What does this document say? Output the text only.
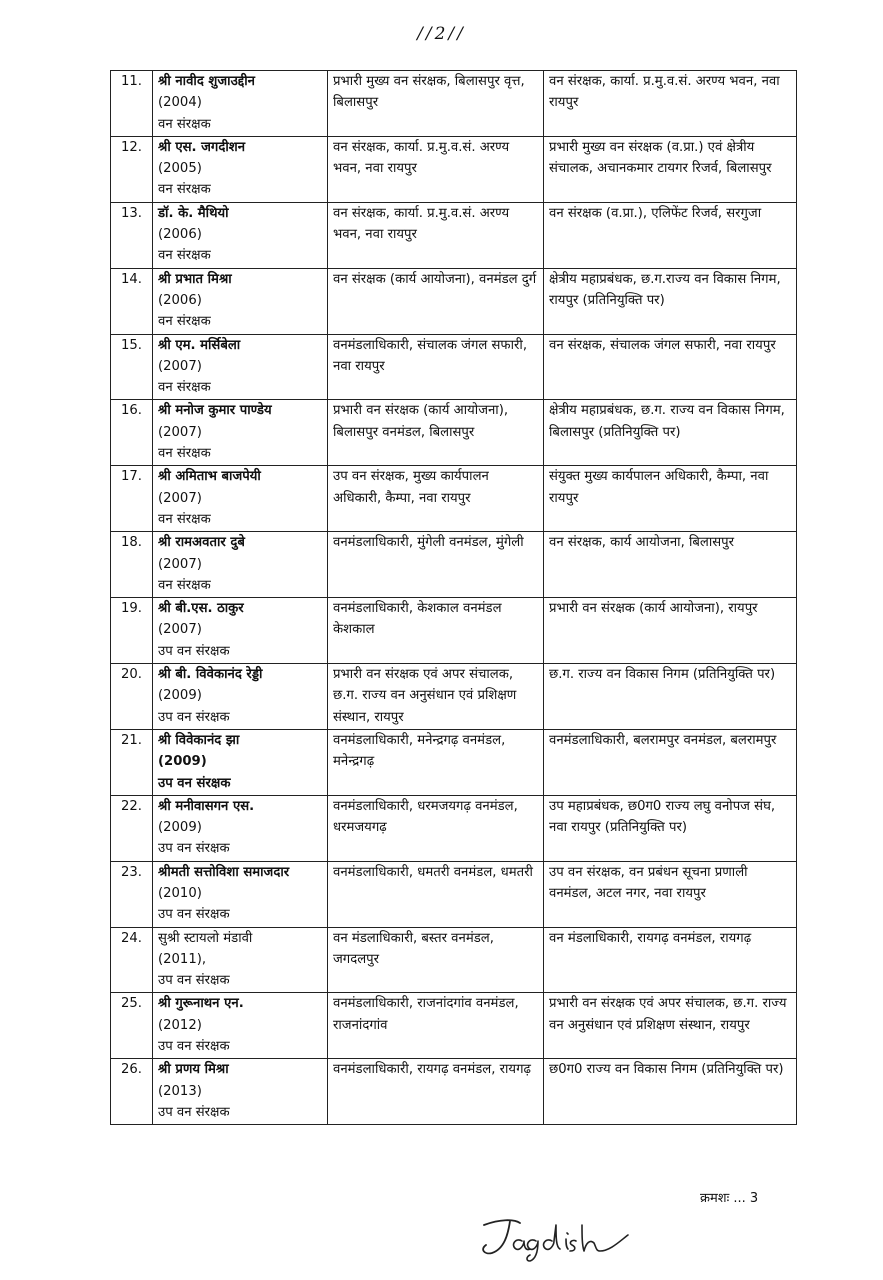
//2//
11.	श्री नावीद शुजाउद्दीन
(2004)
वन संरक्षक	प्रभारी मुख्य वन संरक्षक, बिलासपुर वृत्त, बिलासपुर	वन संरक्षक, कार्या. प्र.मु.व.सं. अरण्य भवन, नवा रायपुर
12.	श्री एस. जगदीशन
(2005)
वन संरक्षक	वन संरक्षक, कार्या. प्र.मु.व.सं. अरण्य भवन, नवा रायपुर	प्रभारी मुख्य वन संरक्षक (व.प्रा.) एवं क्षेत्रीय संचालक, अचानकमार टायगर रिजर्व, बिलासपुर
13.	डॉ. के. मैथियो
(2006)
वन संरक्षक	वन संरक्षक, कार्या. प्र.मु.व.सं. अरण्य भवन, नवा रायपुर	वन संरक्षक (व.प्रा.), एलिफेंट रिजर्व, सरगुजा
14.	श्री प्रभात मिश्रा
(2006)
वन संरक्षक	वन संरक्षक (कार्य आयोजना), वनमंडल दुर्ग	क्षेत्रीय महाप्रबंधक, छ.ग.राज्य वन विकास निगम, रायपुर (प्रतिनियुक्ति पर)
15.	श्री एम. मर्सिबेला
(2007)
वन संरक्षक	वनमंडलाधिकारी, संचालक जंगल सफारी, नवा रायपुर	वन संरक्षक, संचालक जंगल सफारी, नवा रायपुर
16.	श्री मनोज कुमार पाण्डेय
(2007)
वन संरक्षक	प्रभारी वन संरक्षक (कार्य आयोजना), बिलासपुर वनमंडल, बिलासपुर	क्षेत्रीय महाप्रबंधक, छ.ग. राज्य वन विकास निगम, बिलासपुर (प्रतिनियुक्ति पर)
17.	श्री अमिताभ बाजपेयी
(2007)
वन संरक्षक	उप वन संरक्षक, मुख्य कार्यपालन अधिकारी, कैम्पा, नवा रायपुर	संयुक्त मुख्य कार्यपालन अधिकारी, कैम्पा, नवा रायपुर
18.	श्री रामअवतार दुबे
(2007)
वन संरक्षक	वनमंडलाधिकारी, मुंगेली वनमंडल, मुंगेली	वन संरक्षक, कार्य आयोजना, बिलासपुर
19.	श्री बी.एस. ठाकुर
(2007)
उप वन संरक्षक	वनमंडलाधिकारी, केशकाल वनमंडल केशकाल	प्रभारी वन संरक्षक (कार्य आयोजना), रायपुर
20.	श्री बी. विवेकानंद रेड्डी
(2009)
उप वन संरक्षक	प्रभारी वन संरक्षक एवं अपर संचालक, छ.ग. राज्य वन अनुसंधान एवं प्रशिक्षण संस्थान, रायपुर	छ.ग. राज्य वन विकास निगम (प्रतिनियुक्ति पर)
21.	श्री विवेकानंद झा
(2009)
उप वन संरक्षक	वनमंडलाधिकारी, मनेन्द्रगढ़ वनमंडल, मनेन्द्रगढ़	वनमंडलाधिकारी, बलरामपुर वनमंडल, बलरामपुर
22.	श्री मनीवासगन एस.
(2009)
उप वन संरक्षक	वनमंडलाधिकारी, धरमजयगढ़ वनमंडल, धरमजयगढ़	उप महाप्रबंधक, छ0ग0 राज्य लघु वनोपज संघ, नवा रायपुर (प्रतिनियुक्ति पर)
23.	श्रीमती सत्तोविशा समाजदार
(2010)
उप वन संरक्षक	वनमंडलाधिकारी, धमतरी वनमंडल, धमतरी	उप वन संरक्षक, वन प्रबंधन सूचना प्रणाली वनमंडल, अटल नगर, नवा रायपुर
24.	सुश्री स्टायलो मंडावी
(2011),
उप वन संरक्षक	वन मंडलाधिकारी, बस्तर वनमंडल, जगदलपुर	वन मंडलाधिकारी, रायगढ़ वनमंडल, रायगढ़
25.	श्री गुरूनाथन एन.
(2012)
उप वन संरक्षक	वनमंडलाधिकारी, राजनांदगांव वनमंडल, राजनांदगांव	प्रभारी वन संरक्षक एवं अपर संचालक, छ.ग. राज्य वन अनुसंधान एवं प्रशिक्षण संस्थान, रायपुर
26.	श्री प्रणय मिश्रा
(2013)
उप वन संरक्षक	वनमंडलाधिकारी, रायगढ़ वनमंडल, रायगढ़	छ0ग0 राज्य वन विकास निगम (प्रतिनियुक्ति पर)
क्रमशः ... 3
